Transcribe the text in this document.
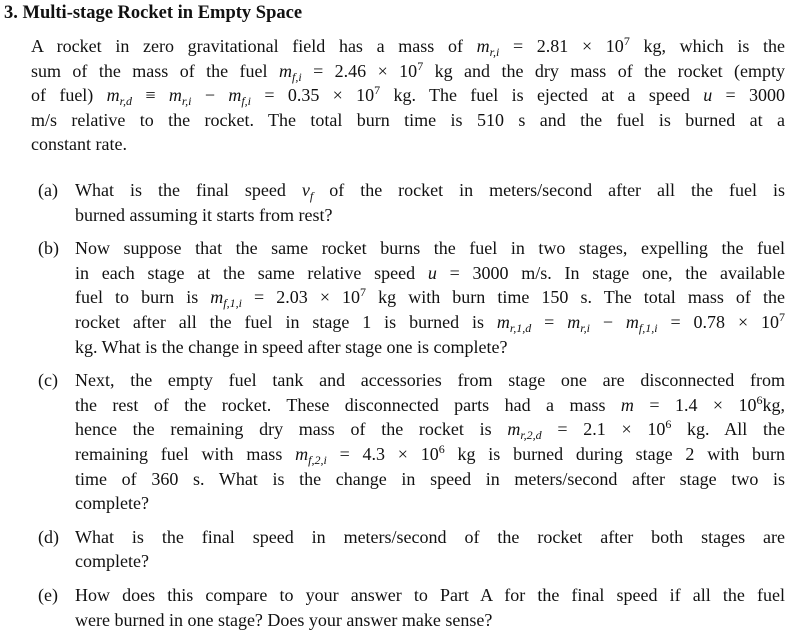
3. Multi-stage Rocket in Empty Space
A rocket in zero gravitational field has a mass of $m_{r,i} = 2.81 \times 10^7$ kg, which is the
sum of the mass of the fuel $m_{f,i} = 2.46 \times 10^7$ kg and the dry mass of the rocket (empty
of fuel) $m_{r,d} \equiv m_{r,i} - m_{f,i} = 0.35 \times 10^7$ kg. The fuel is ejected at a speed u = 3000
m/s relative to the rocket. The total burn time is 510 s and the fuel is burned at a
constant rate.
(a) What is the final speed $v_f$ of the rocket in meters/second after all the fuel is
burned assuming it starts from rest?
(b) Now suppose that the same rocket burns the fuel in two stages, expelling the fuel
in each stage at the same relative speed u = 3000 m/s. In stage one, the available
fuel to burn is $m_{f,1,i} = 2.03 \times 10^7$ kg with burn time 150 s. The total mass of the
rocket after all the fuel in stage 1 is burned is $m_{r,1,d} = m_{r,i} - m_{f,1,i} = 0.78 \times 10^7$
kg. What is the change in speed after stage one is complete?
(c) Next, the empty fuel tank and accessories from stage one are disconnected from
the rest of the rocket. These disconnected parts had a mass $m = 1.4 \times 10^6kg$,
hence the remaining dry mass of the rocket is $m_{r,2,d} = 2.1 \times 10^6$ kg. All the
remaining fuel with mass $m_{f,2,i} = 4.3 \times 10^6$ kg is burned during stage 2 with burn
time of 360 s. What is the change in speed in meters/second after stage two is
complete?
(d) What is the final speed in meters/second of the rocket after both stages are
complete?
(e) How does this compare to your answer to Part A for the final speed if all the fuel
were burned in one stage? Does your answer make sense?
